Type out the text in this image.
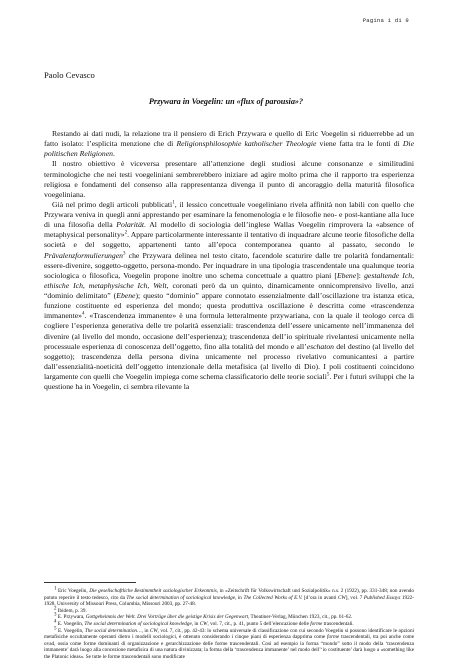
Pagina 1 di 9
Paolo Cevasco
Przywara in Voegelin: un «flux of parousia»?

Restando ai dati nudi, la relazione tra il pensiero di Erich Przywara e quello di Eric Voegelin si riduerrebbe ad un fatto isolato: l’esplicita menzione che di Religionsphilosophie katholischer Theologie viene fatta tra le fonti di Die politischen Religionen.

Il nostro obiettivo è viceversa presentare all’attenzione degli studiosi alcune consonanze e similitudini terminologiche che nei testi voegeliniani sembrerebbero iniziare ad agire molto prima che il rapporto tra esperienza religiosa e fondamenti del consenso alla rappresentanza divenga il punto di ancoraggio della maturità filosofica voegeliniana.

Già nel primo degli articoli pubblicati$^1$, il lessico concettuale voegeliniano rivela affinità non labili con quello che Przywara veniva in quegli anni apprestando per esaminare la fenomenologia e le filosofie neo- e post-kantiane alla luce di una filosofia della Polarität. Al modello di sociologia dell’inglese Wallas Voegelin rimprovera la «absence of metaphysical personality»$^2$. Appare particolarmente interessante il tentativo di inquadrare alcune teorie filosofiche della società e del soggetto, appartenenti tanto all’epoca contemporanea quanto al passato, secondo le Prävalenzformulierungen$^3$ che Przywara delinea nel testo citato, facendole scaturire dalle tre polarità fondamentali: essere-divenire, soggetto-oggetto, persona-mondo. Per inquadrare in una tipologia trascendentale una qualunque teoria sociologica o filosofica, Voegelin propone inoltre uno schema concettuale a quattro piani [Ebene]: gestaltende Ich, ethische Ich, metaphysische Ich, Welt, coronati però da un quinto, dinamicamente onnicomprensivo livello, anzi “dominio delimitato” (Ebene); questo “dominio” appare connotato essenzialmente dall’oscillazione tra istanza etica, funzione costituente ed esperienza del mondo; questa produttiva oscillazione è descritta come «trascendenza immanente»$^4$. «Trascendenza immanente» è una formula letteralmente przywariana, con la quale il teologo cerca di cogliere l’esperienza generativa delle tre polarità essenziali: trascendenza dell’essere unicamente nell’immanenza del divenire (al livello del mondo, occasione dell’esperienza); trascendenza dell’io spirituale rivelantesi unicamente nella processuale esperienza di conoscenza dell’oggetto, fino alla totalità del mondo e all’eschaton del destino (al livello del soggetto); trascendenza della persona divina unicamente nel processo rivelativo comunicantesi a partire dall’essenzialità-noeticità dell’oggetto intenzionale della metafisica (al livello di Dio). I poli costituenti coincidono largamente con quelli che Voegelin impiega come schema classificatorio delle teorie sociali$^5$. Per i futuri sviluppi che la questione ha in Voegelin, ci sembra rilevante la

$^1$ Eric Voegelin, Die gesellschaftliche Bestimmtheit soziologischer Erkenntnis, in «Zeitschrift für Volkswirtschaft und Sozialpolitik» n.s. 2 (1922), pp. 331-348; non avendo potuto reperire il testo tedesco, cito da The social determination of sociological knowledge, in The Collected Works of E.V. [d’ora in avanti CW], vol. 7 Published Essays 1922-1928, University of Missouri Press, Columbia, Missouri 2003, pp. 27-48.

$^2$ Ibidem, p. 39.

$^3$ E. Przywara, Gottgeheimnis der Welt. Drei Vorträge über die geistige Krisis der Gegenwart, Theatiner-Verlag, München 1923, cit., pp. 61-62.

$^4$ E. Voegelin, The social determination of sociological knowledge, in CW, vol. 7, cit., p. 41, punto 5 dell’elencazione delle forme trascendentali.

$^5$ E. Voegelin, The social determination…, in CW, vol. 7, cit., pp. 42-43: lo schema universale di classificazione con cui secondo Voegelin si possono identificare le opzioni metafisiche occultamente operanti dietro i modelli sociologici, è ottenuto considerando i cinque piani di esperienza dapprima come forme trascendentali, tra poi anche come ovad, ossia come forme dominanti di organizzazione e gerarchizzazione delle forme trascendentali. Così ad esempio la forma “mondo” sotto il modo della ‘trascendenza immanente’ darà luogo alla concezione metafisica di una natura divinizzata; la forma della ‘trascendenza immanente’ nel modo dell’‘io costituente’ darà luogo a «something like the Platonic ideas». Se tutte le forme trascendentali sono modificate
